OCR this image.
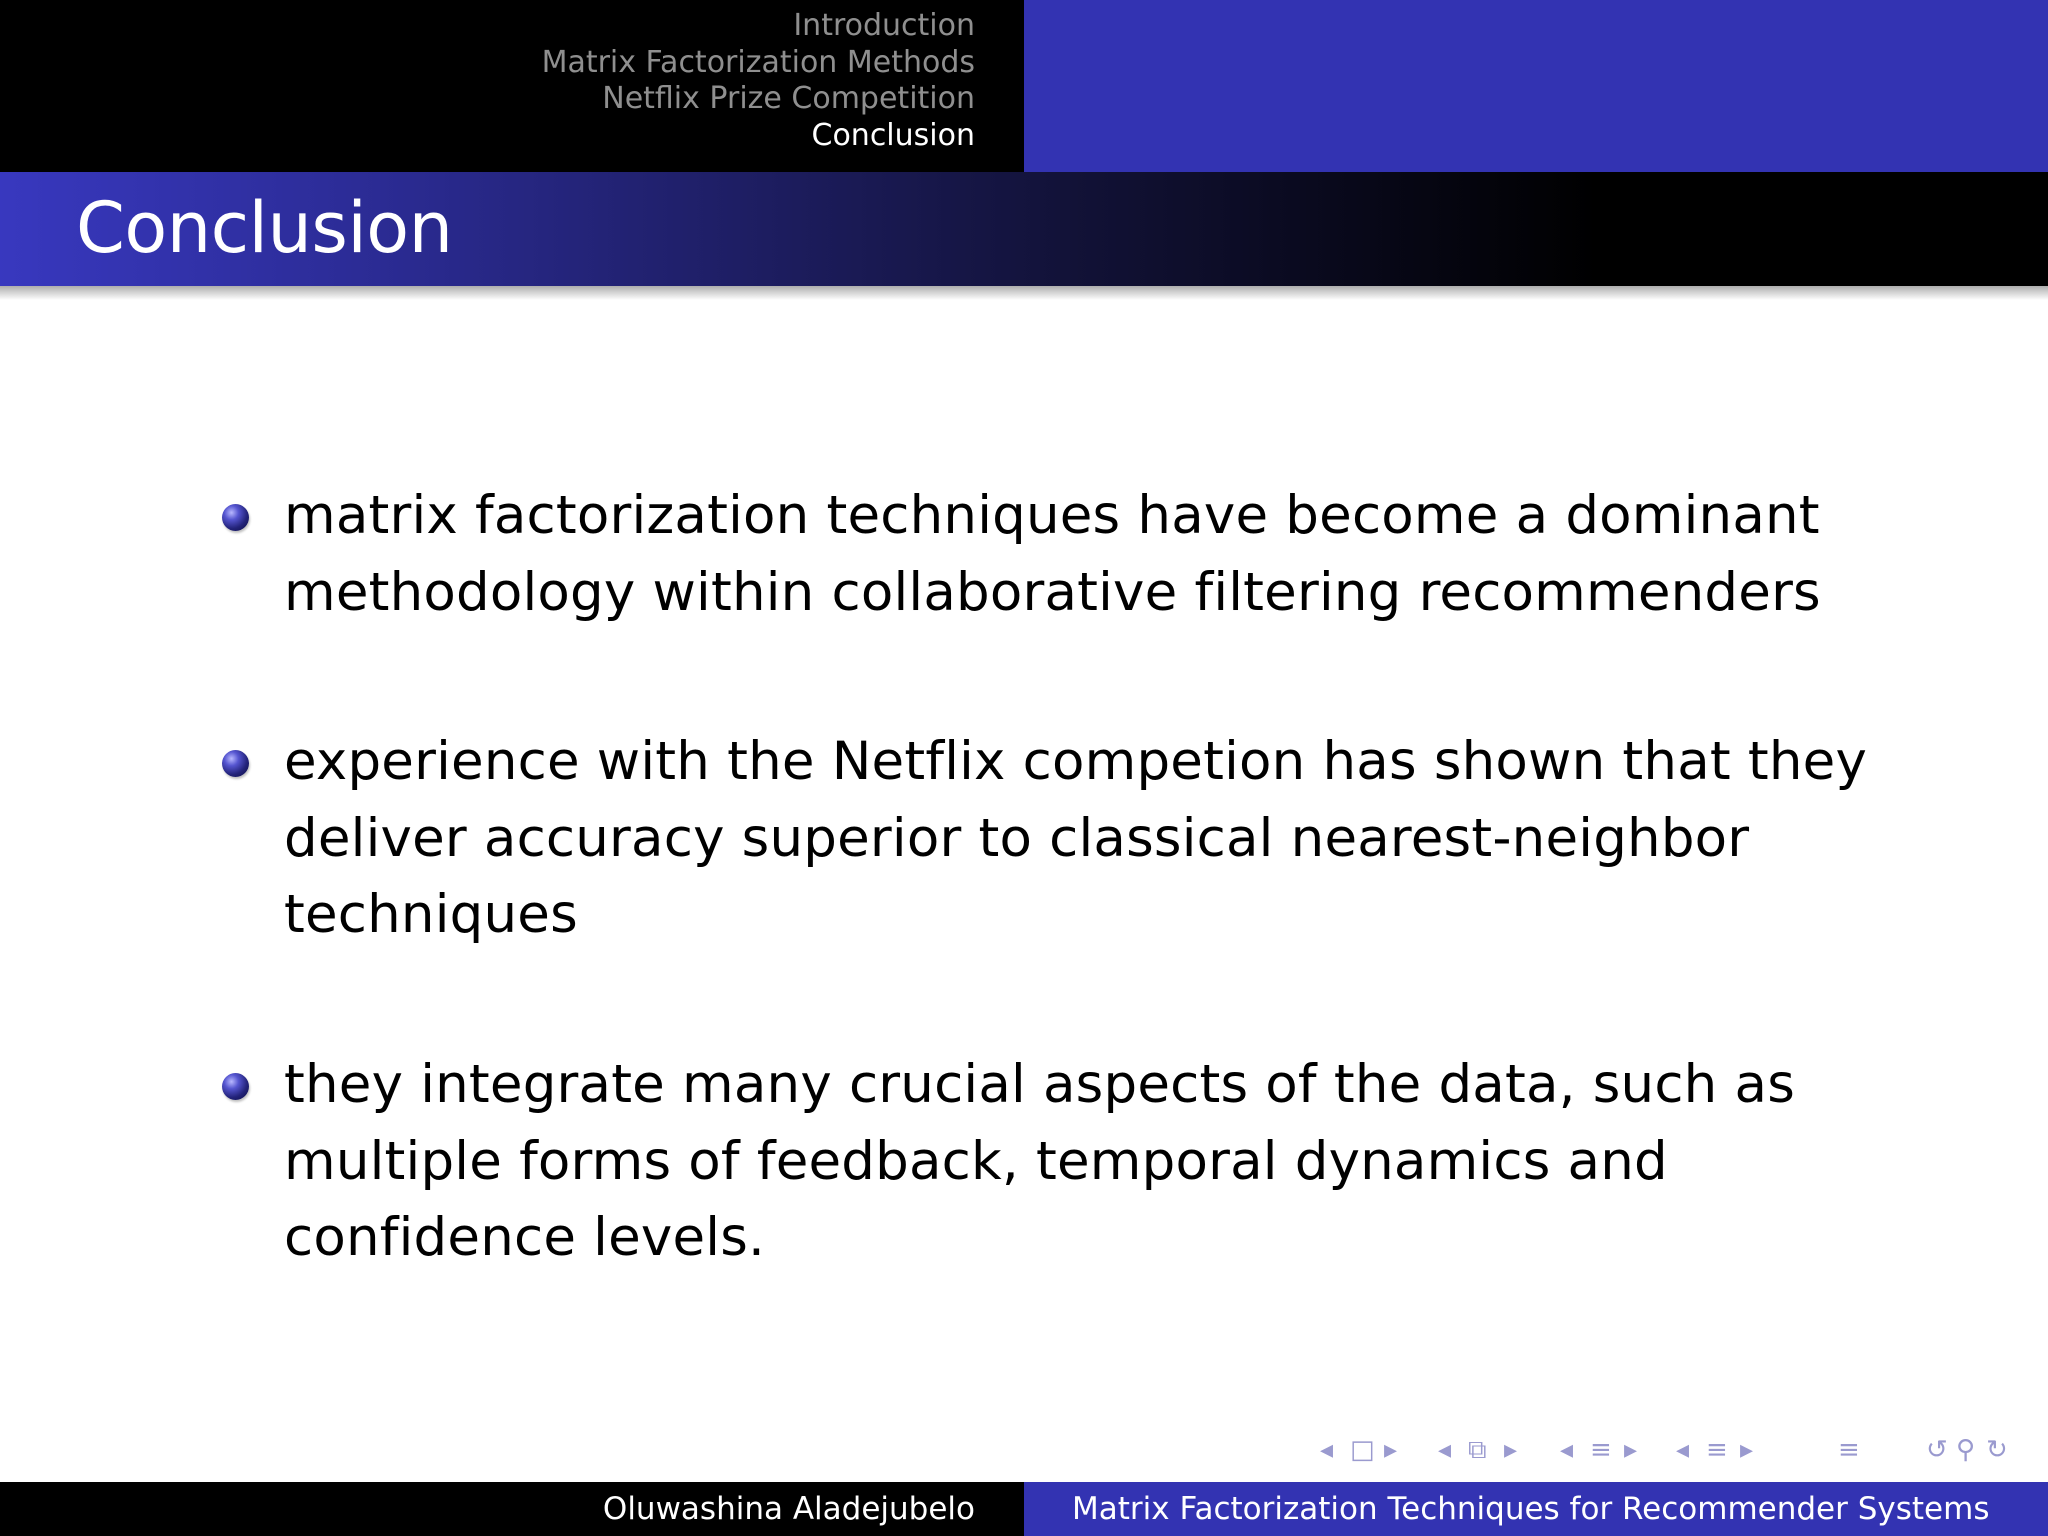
Introduction
Matrix Factorization Methods
Netflix Prize Competition
Conclusion
Conclusion

matrix factorization techniques have become a dominant methodology within collaborative filtering recommenders

experience with the Netflix competion has shown that they deliver accuracy superior to classical nearest-neighbor techniques

they integrate many crucial aspects of the data, such as multiple forms of feedback, temporal dynamics and confidence levels.

◂ □ ▸ ◂ ⧉ ▸ ◂ ≡ ▸ ◂ ≡ ▸	≡	↺ ⚲ ↻
Oluwashina Aladejubelo	Matrix Factorization Techniques for Recommender Systems
